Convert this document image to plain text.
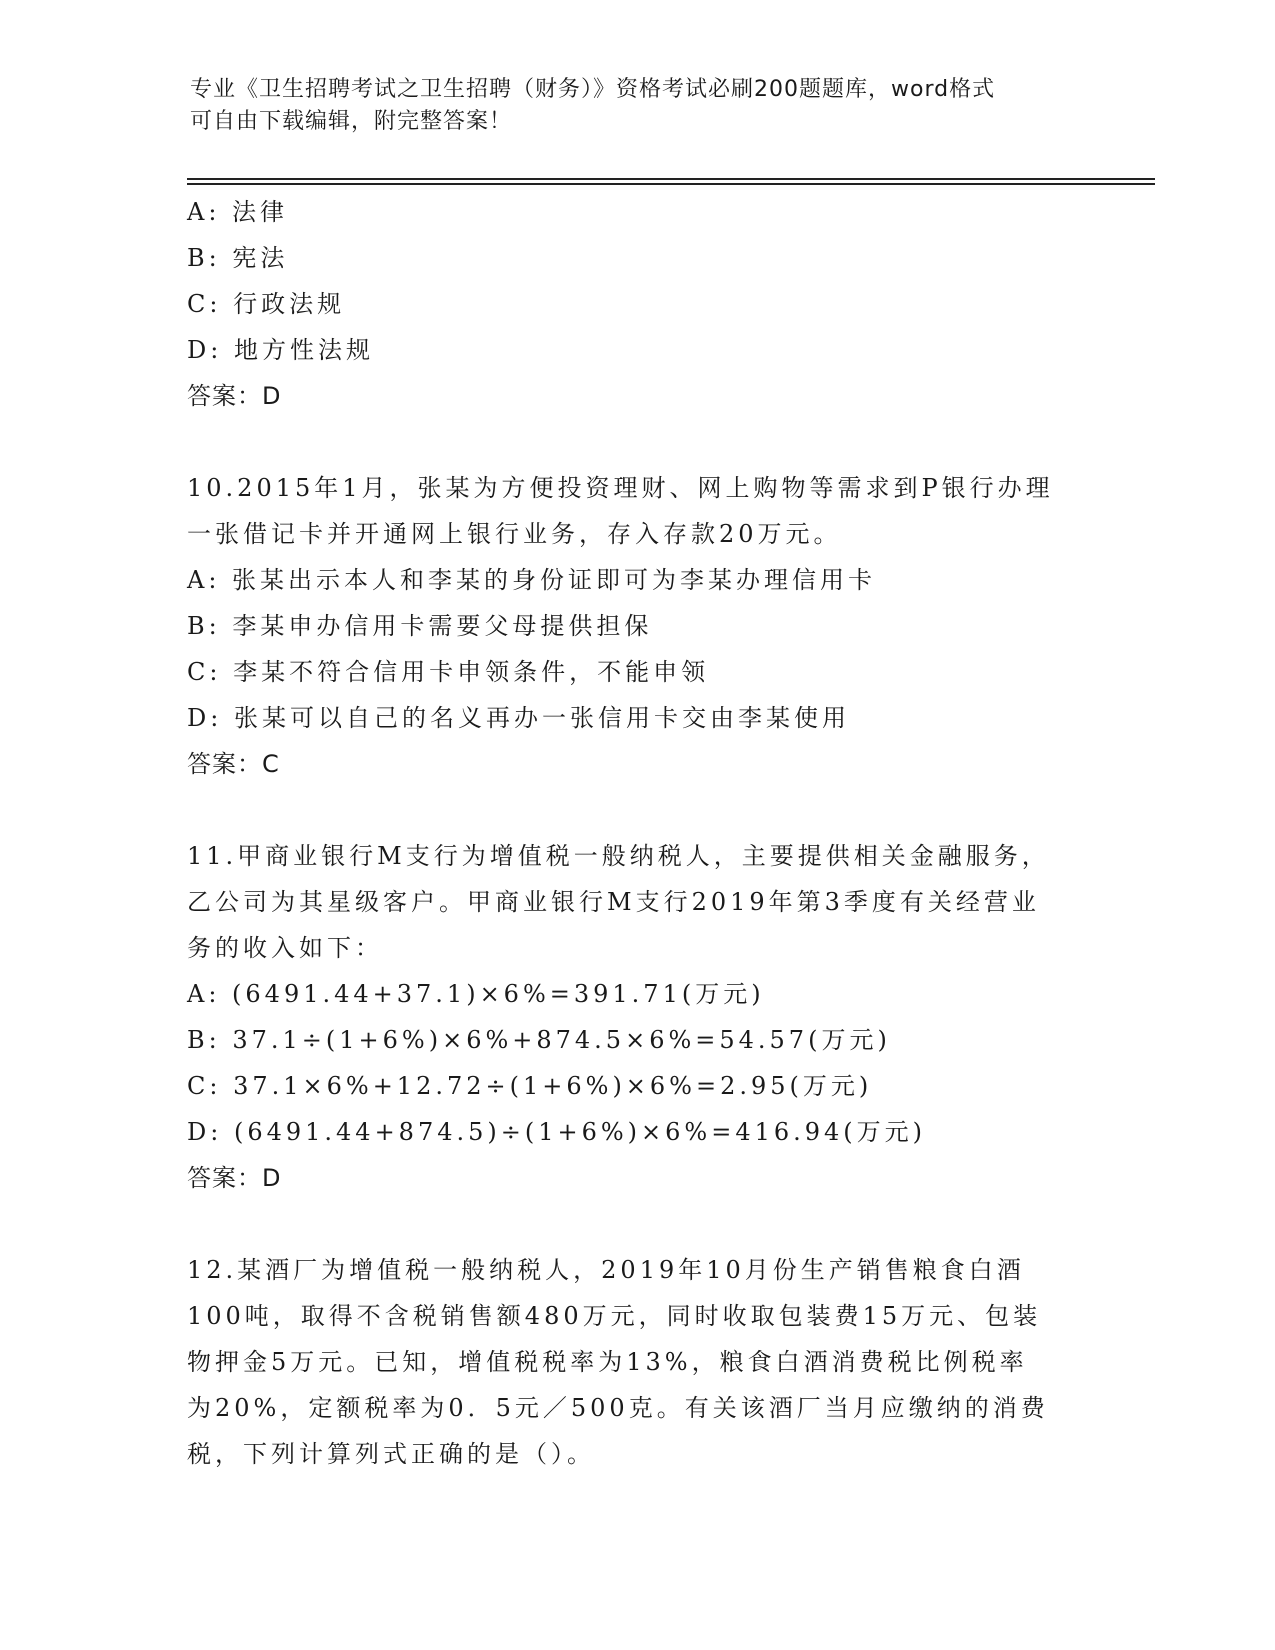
专业《卫生招聘考试之卫生招聘（财务）》资格考试必刷200题题库，word格式
可自由下载编辑，附完整答案！
A: 法律
B: 宪法
C: 行政法规
D: 地方性法规
答案：D
10.2015年1月，张某为方便投资理财、网上购物等需求到P银行办理
一张借记卡并开通网上银行业务，存入存款20万元。
A: 张某出示本人和李某的身份证即可为李某办理信用卡
B: 李某申办信用卡需要父母提供担保
C: 李某不符合信用卡申领条件，不能申领
D: 张某可以自己的名义再办一张信用卡交由李某使用
答案：C
11.甲商业银行M支行为增值税一般纳税人，主要提供相关金融服务，
乙公司为其星级客户。甲商业银行M支行2019年第3季度有关经营业
务的收入如下：
A: (6491.44+37.1)×6%=391.71(万元)
B: 37.1÷(1+6%)×6%+874.5×6%=54.57(万元)
C: 37.1×6%+12.72÷(1+6%)×6%=2.95(万元)
D: (6491.44+874.5)÷(1+6%)×6%=416.94(万元)
答案：D
12.某酒厂为增值税一般纳税人，2019年10月份生产销售粮食白酒
100吨，取得不含税销售额480万元，同时收取包装费15万元、包装
物押金5万元。已知，增值税税率为13%，粮食白酒消费税比例税率
为20%，定额税率为0．5元／500克。有关该酒厂当月应缴纳的消费
税，下列计算列式正确的是（）。
